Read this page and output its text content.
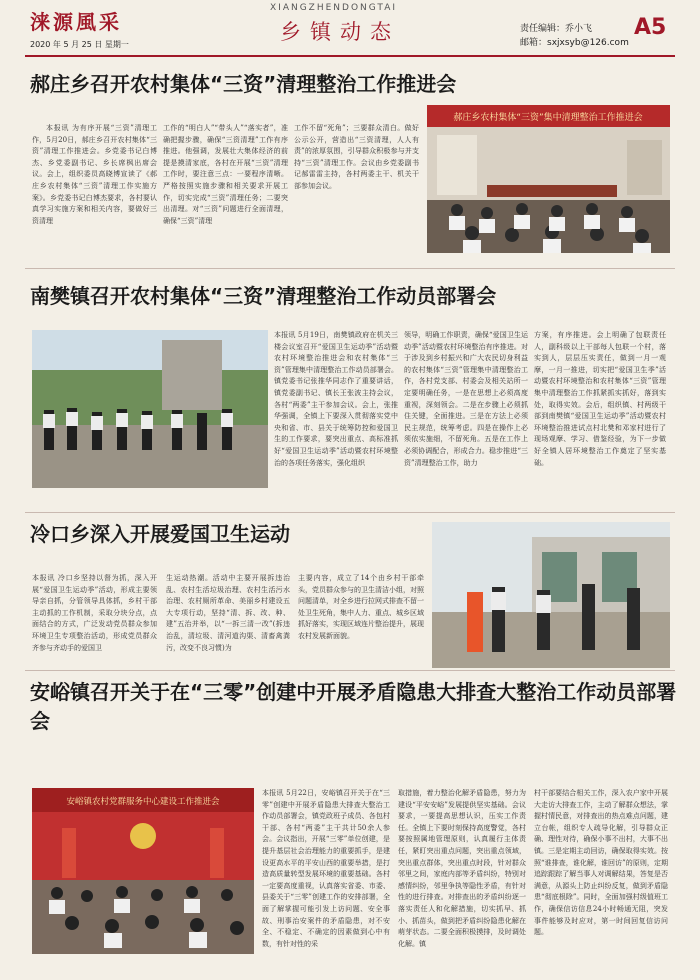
涞源風采
2020 年 5 月 25 日 星期一
XIANGZHENDONGTAI
乡镇动态	责任编辑：乔小飞
邮箱：sxjxsyb@126.com
A5
郝庄乡召开农村集体“三资”清理整治工作推进会
本报讯 为有序开展“三资”清理工作，5月20日，郝庄乡召开农村集体“三资”清理工作推进会。乡党委书记白博杰、乡党委副书记、乡长席枫出席会议。会上，组织委员高晓博宣读了《郝庄乡农村集体“三资”清理工作实施方案》。乡党委书记白博杰要求，各村要认真学习实施方案和相关内容，要做好三资清理
工作的“明白人”“带头人”“落实者”，准确把握步骤，确保“三资清理”工作有序推进。他强调，发展壮大集体经济的前提是摸清家底，各村在开展“三资”清理工作时，要注意三点：一要程序清晰。严格按照实施步骤和相关要求开展工作，切实完成“三资”清理任务；二要突出清理。对“三资”问题进行全面清理，确保“三资”清理
工作不留“死角”；三要群众清白。做好公示公开，营造出“三资清理，人人有责”的浓厚氛围，引导群众积极参与并支持“三资”清理工作。会议由乡党委副书记郝雷雷主持，各村两委主干、机关干部参加会议。
郝庄乡农村集体“三资”集中清理整治工作推进会
南樊镇召开农村集体“三资”清理整治工作动员部署会
本报讯 5月19日，南樊镇政府在机关三楼会议室召开“爱国卫生运动季”活动暨农村环境整治推进会和农村集体“三资”管理集中清理整治工作动员部署会。镇党委书记张推华同志作了重要讲话，镇党委副书记、镇长王张波主持会议，各村“两委”主干参加会议。会上，张推华强调，全镇上下要深入贯彻落实党中央和省、市、县关于统筹防控和爱国卫生的工作要求，要突出重点、高标准抓好“爱国卫生运动季”活动暨农村环境整治的各项任务落实，强化组织
领导，明确工作职责，确保“爱国卫生运动季”活动暨农村环境整治有序推进。对于涉及到乡村振兴和广大农民切身利益的农村集体“三资”管理集中清理整治工作，各村党支部、村委会及相关站所一定要明确任务，一是在思想上必须高度重视，深刻领会。二是在步骤上必须抓住关键，全面推进。三是在方法上必须民主规范，统筹考虑。四是在操作上必须依实施细，不留死角。五是在工作上必须协调配合，形成合力。稳步推进“三资”清理整治工作，助力
方案，有序推进。会上明确了包联责任人，副科级以上干部每人包联一个村，落实到人，层层压实责任，做到一月一观摩，一月一推进，切实把“爱国卫生季”活动暨农村环境整治和农村集体“三资”管理集中清理整治工作抓紧抓实抓好，落到实处，取得实效。会后，组织镇、村两级干部到南樊镇“爱国卫生运动季”活动暨农村环境整治推进试点村北樊和邓家村进行了现场观摩、学习、借鉴经验，为下一步做好全镇人居环境整治工作奠定了坚实基础。
冷口乡深入开展爱国卫生运动
本报讯 冷口乡坚持以督为抓，深入开展“爱国卫生运动季”活动，形成主要领导亲自抓，分管领导具体抓，乡村干部主动抓的工作机制，采取分块分点，点面结合的方式，广泛发动党员群众参加环境卫生专项整治活动，形成党员群众齐参与齐动手的爱国卫
生运动热潮。活动中主要开展拆违治乱、农村生活垃圾治理、农村生活污水治理、农村厕所革命、美丽乡村建设五大专项行动，坚持“清、拆、改、种、建”五治并举，以“一拆三清一改”(拆违治乱，清垃圾、清河道沟渠、清畜禽粪污，改变不良习惯)为
主要内容，成立了14个由乡村干部牵头，党员群众参与的卫生清洁小组，对照问题清单，对全乡进行拉网式排查不留一处卫生死角，集中人力、重点、城乡区域抓好落实，实现区域连片整治提升，展现农村发展新面貌。
安峪镇召开关于在“三零”创建中开展矛盾隐患大排查大整治工作动员部署会
安峪镇农村党群服务中心建设工作推进会
本报讯 5月22日，安峪镇召开关于在“三零”创建中开展矛盾隐患大排查大整治工作动员部署会，镇党政班子成员、各包村干部、各村“两委”主干共计50余人参会。会议指出，开展“三零”单位创建，是提升基层社会治理能力的重要抓手，是建设更高水平的平安山西的重要举措，是打造高质量转型发展环境的重要基础。各村一定要高度重视，认真落实省委、市委、县委关于“三零”创建工作的安排部署，全面了解掌握可能引发上访问题、安全事故、刑事治安案件的矛盾隐患，对不安全、不稳定、不确定的因素做到心中有数，有针对性的采
取措施，着力整治化解矛盾隐患，努力为建设“平安安峪”发展提供坚实基础。会议要求，一要提高思想认识，压实工作责任。全镇上下要时刻保持高度警觉，各村要按照属地管理原则，认真履行主体责任，紧盯突出重点问题，突出重点领域，突出重点群体，突出重点时段，针对群众邻里之间，家庭内部等矛盾纠纷，特别对感情纠纷，邻里争执等隐性矛盾，有针对性的进行排查。对排查出的矛盾纠纷逐一落实责任人和化解措施，切实抓早、抓小、抓苗头，做到把矛盾纠纷隐患化解在萌芽状态。二要全面积极摸排，及时调处化解。镇
村干部要结合相关工作，深入农户家中开展大走访大排查工作，主动了解群众想法，掌握村情民意，对排查出的热点难点问题，建立台帐，组织专人疏导化解，引导群众正确、理性对待，确保小事不出村，大事不出镇。三是定期主动回访，确保取得实效。按照“谁排查，谁化解，谁回访”的原则，定期追踪跟踪了解当事人对调解结果，答复是否满意，从源头上防止纠纷反复，做到矛盾隐患“彻底根除”。同时，全面加强村级值班工作，确保信访信息24小时畅通无阻，突发事件能够及时应对，第一时间回复信访问题。
